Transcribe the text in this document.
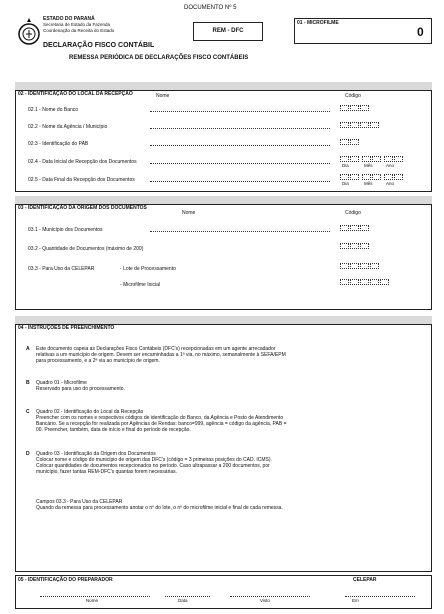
DOCUMENTO Nº 5
ESTADO DO PARANÁ
Secretaria de Estado da Fazenda
Coordenação da Receita do Estado
DECLARAÇÃO FISCO CONTÁBIL
REMESSA PERIÓDICA DE DECLARAÇÕES FISCO CONTÁBEIS
REM - DFC
01 - MICROFILME
0
02 - IDENTIFICAÇÃO DO LOCAL DA RECEPÇÃO	Nome	Código
02.1 - Nome do Banco
02.2 - Nome da Agência / Município
02.3 - Identificação do PAB
02.4 - Data Inicial de Recepção dos Documentos
Dia	Mês	Ano
02.5 - Data Final da Recepção dos Documentos
Dia	Mês	Ano
03 - IDENTIFICAÇÃO DA ORIGEM DOS DOCUMENTOS
Nome	Código
03.1 - Município dos Documentos
03.2 - Quantidade de Documentos (máximo de 200)
03.3 - Para Uso da CELEPAR	- Lote de Processamento
- Microfilme Inicial
04 - INSTRUÇÕES DE PREENCHIMENTO
A Este documento capeia as Declarações Fisco Contábeis (DFC's) recepcionadas em um agente arrecadador
relativas a um município de origem. Devem ser encaminhadas a 1ª via, no máximo, semanalmente à SEFA/EPM
para processamento, e a 2ª via ao município de origem.
B Quadro 01 - Microfilme
Reservado para uso do processamento.
C Quadro 02 - Identificação do Local da Recepção
Preencher com os nomes e respectivos códigos de identificação do Banco, da Agência e Posto de Atendimento
Bancário. Se a recepção for realizada por Agências de Rendas: banco=999, agência = código da agência, PAB =
00. Preencher, também, data de início e final do período de recepção.
D Quadro 03 - Identificação da Origem dos Documentos
Colocar nome e código do município de origem das DFC's (código = 3 primeiras posições do CAD. ICMS).
Colocar quantidades de documentos recepcionados no período. Caso ultrapassar a 200 documentos, por
município, fazer tantas REM-DFC's quantas forem necessárias.
Campos 03.3 - Para Uso da CELEPAR
Quando da remessa para processamento anotar o nº do lote, o nº do microfilme inicial e final de cada remessa.
05 - IDENTIFICAÇÃO DO PREPARADOR	CELEPAR
Nome	Data	Visto	Em
